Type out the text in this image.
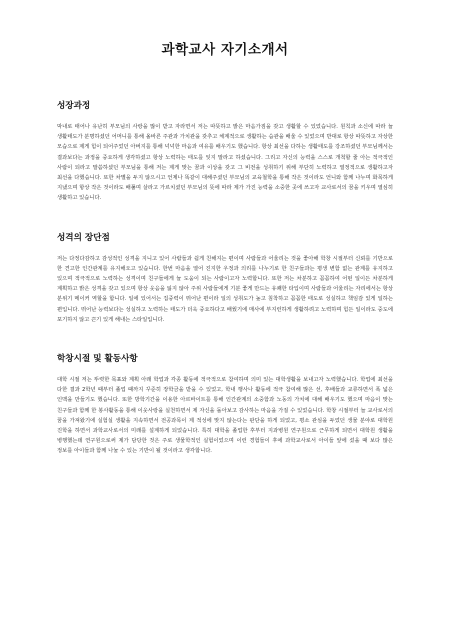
과학교사 자기소개서
성장과정

막내로 태어나 유난히 부모님의 사랑을 많이 받고 자라면서 저는 따뜻하고 밝은 마음가짐을 갖고 생활할 수 있었습니다. 원칙과 소신에 따라 늘 생활태도가 분명하셨던 어머니를 통해 올바른 주관과 가치관을 갖추고 체계적으로 생활하는 습관을 배울 수 있었으며 반대로 항상 따뜻하고 자상한 모습으로 제게 힘이 되어주었던 아버지를 통해 넉넉한 마음과 여유를 배우기도 했습니다. 항상 최선을 다하는 생활태도를 강조하셨던 부모님께서는 결과보다는 과정을 중요하게 생각하셨고 항상 노력하는 태도를 잊지 말라고 하셨습니다. 그리고 자신의 능력을 스스로 개척할 줄 아는 적극적인 사람이 되라고 말씀하셨던 부모님을 통해 저는 제게 맞는 꿈과 이상을 갖고 그 비전을 성취하기 위해 부단히 노력하고 열정적으로 생활하고자 최선을 다했습니다. 또한 차별을 두지 않으시고 언제나 똑같이 대해주셨던 부모님의 교육철학을 통해 작은 것이라도 언니와 함께 나누며 화목하게 지냈으며 항상 작은 것이라도 배풀며 살라고 가르치셨던 부모님의 뜻에 따라 제가 가진 능력을 소중한 곳에 쓰고자 교사로서의 꿈을 키우며 열심히 생활하고 있습니다.

성격의 장단점

저는 다정다감하고 감성적인 성격을 지니고 있어 사람들과 쉽게 친해지는 편이며 사람들과 어울리는 것을 좋아해 학창 시절부터 신뢰를 기반으로 한 견고한 인간관계를 유지해오고 있습니다. 한번 마음을 열어 진지한 우정과 의리를 나누기로 한 친구들과는 평생 변함 없는 관계를 유지하고 있으며 적극적으로 노력하는 성격이며 친구들에게 늘 도움이 되는 사람이고자 노력합니다. 또한 저는 차분하고 꼼꼼하여 어떤 일이든 차분하게 계획하고 밝은 성격을 갖고 있으며 항상 웃음을 잃지 않아 주위 사람들에게 기분 좋게 만드는 유쾌한 타입이며 사람들과 어울리는 자리에서는 항상 분위기 메이커 역할을 합니다. 일에 있어서는 집중력이 뛰어난 편이라 일의 성취도가 높고 침착하고 꼼꼼한 태도로 성실하고 책임감 있게 일하는 편입니다. 뛰어난 능력보다는 성실하고 노력하는 태도가 더욱 중요하다고 배웠기에 매사에 부지런하게 생활하려고 노력하며 힘든 일이라도 중도에 포기하지 않고 끈기 있게 해내는 스타일입니다.

학창시절 및 활동사항

대학 시절 저는 뚜렷한 목표와 계획 아래 학업과 각종 활동에 적극적으로 참여하며 의미 있는 대학생활을 보내고자 노력했습니다. 학업에 최선을 다한 결과 2학년 때부터 졸업 때까지 꾸준히 장학금을 받을 수 있었고, 학내 행사나 활동에 적극 참여해 많은 선, 후배들과 교류하면서 폭 넓은 인맥을 만들기도 했습니다. 또한 방학기간을 이용한 아르바이트를 통해 인간관계의 소중함과 노동의 가치에 대해 배우기도 했으며 마음이 맞는 친구들과 함께 한 봉사활동을 통해 이웃사랑을 실천하면서 제 자신을 돌아보고 감사하는 마음을 가질 수 있었습니다. 학창 시절부터 늘 교사로서의 꿈을 가져왔기에 실험실 생활을 지속하면서 전공과목이 제 적성에 맞지 않는다는 판단을 하게 되었고, 평소 관심을 두었던 생물 분야로 대학원 진학을 하면서 과학교사로서의 미래를 설계하게 되었습니다. 특히 대학을 졸업한 후부터 지과병원 연구원으로 근무하게 되면서 대학원 생활을 병행했는데 연구원으로써 제가 담당한 것은 주로 생물학적인 실험이었으며 이런 경험들이 후에 과학교사로서 아이들 앞에 섰을 때 보다 많은 정보를 아이들과 함께 나눌 수 있는 기반이 될 것이라고 생각합니다.
